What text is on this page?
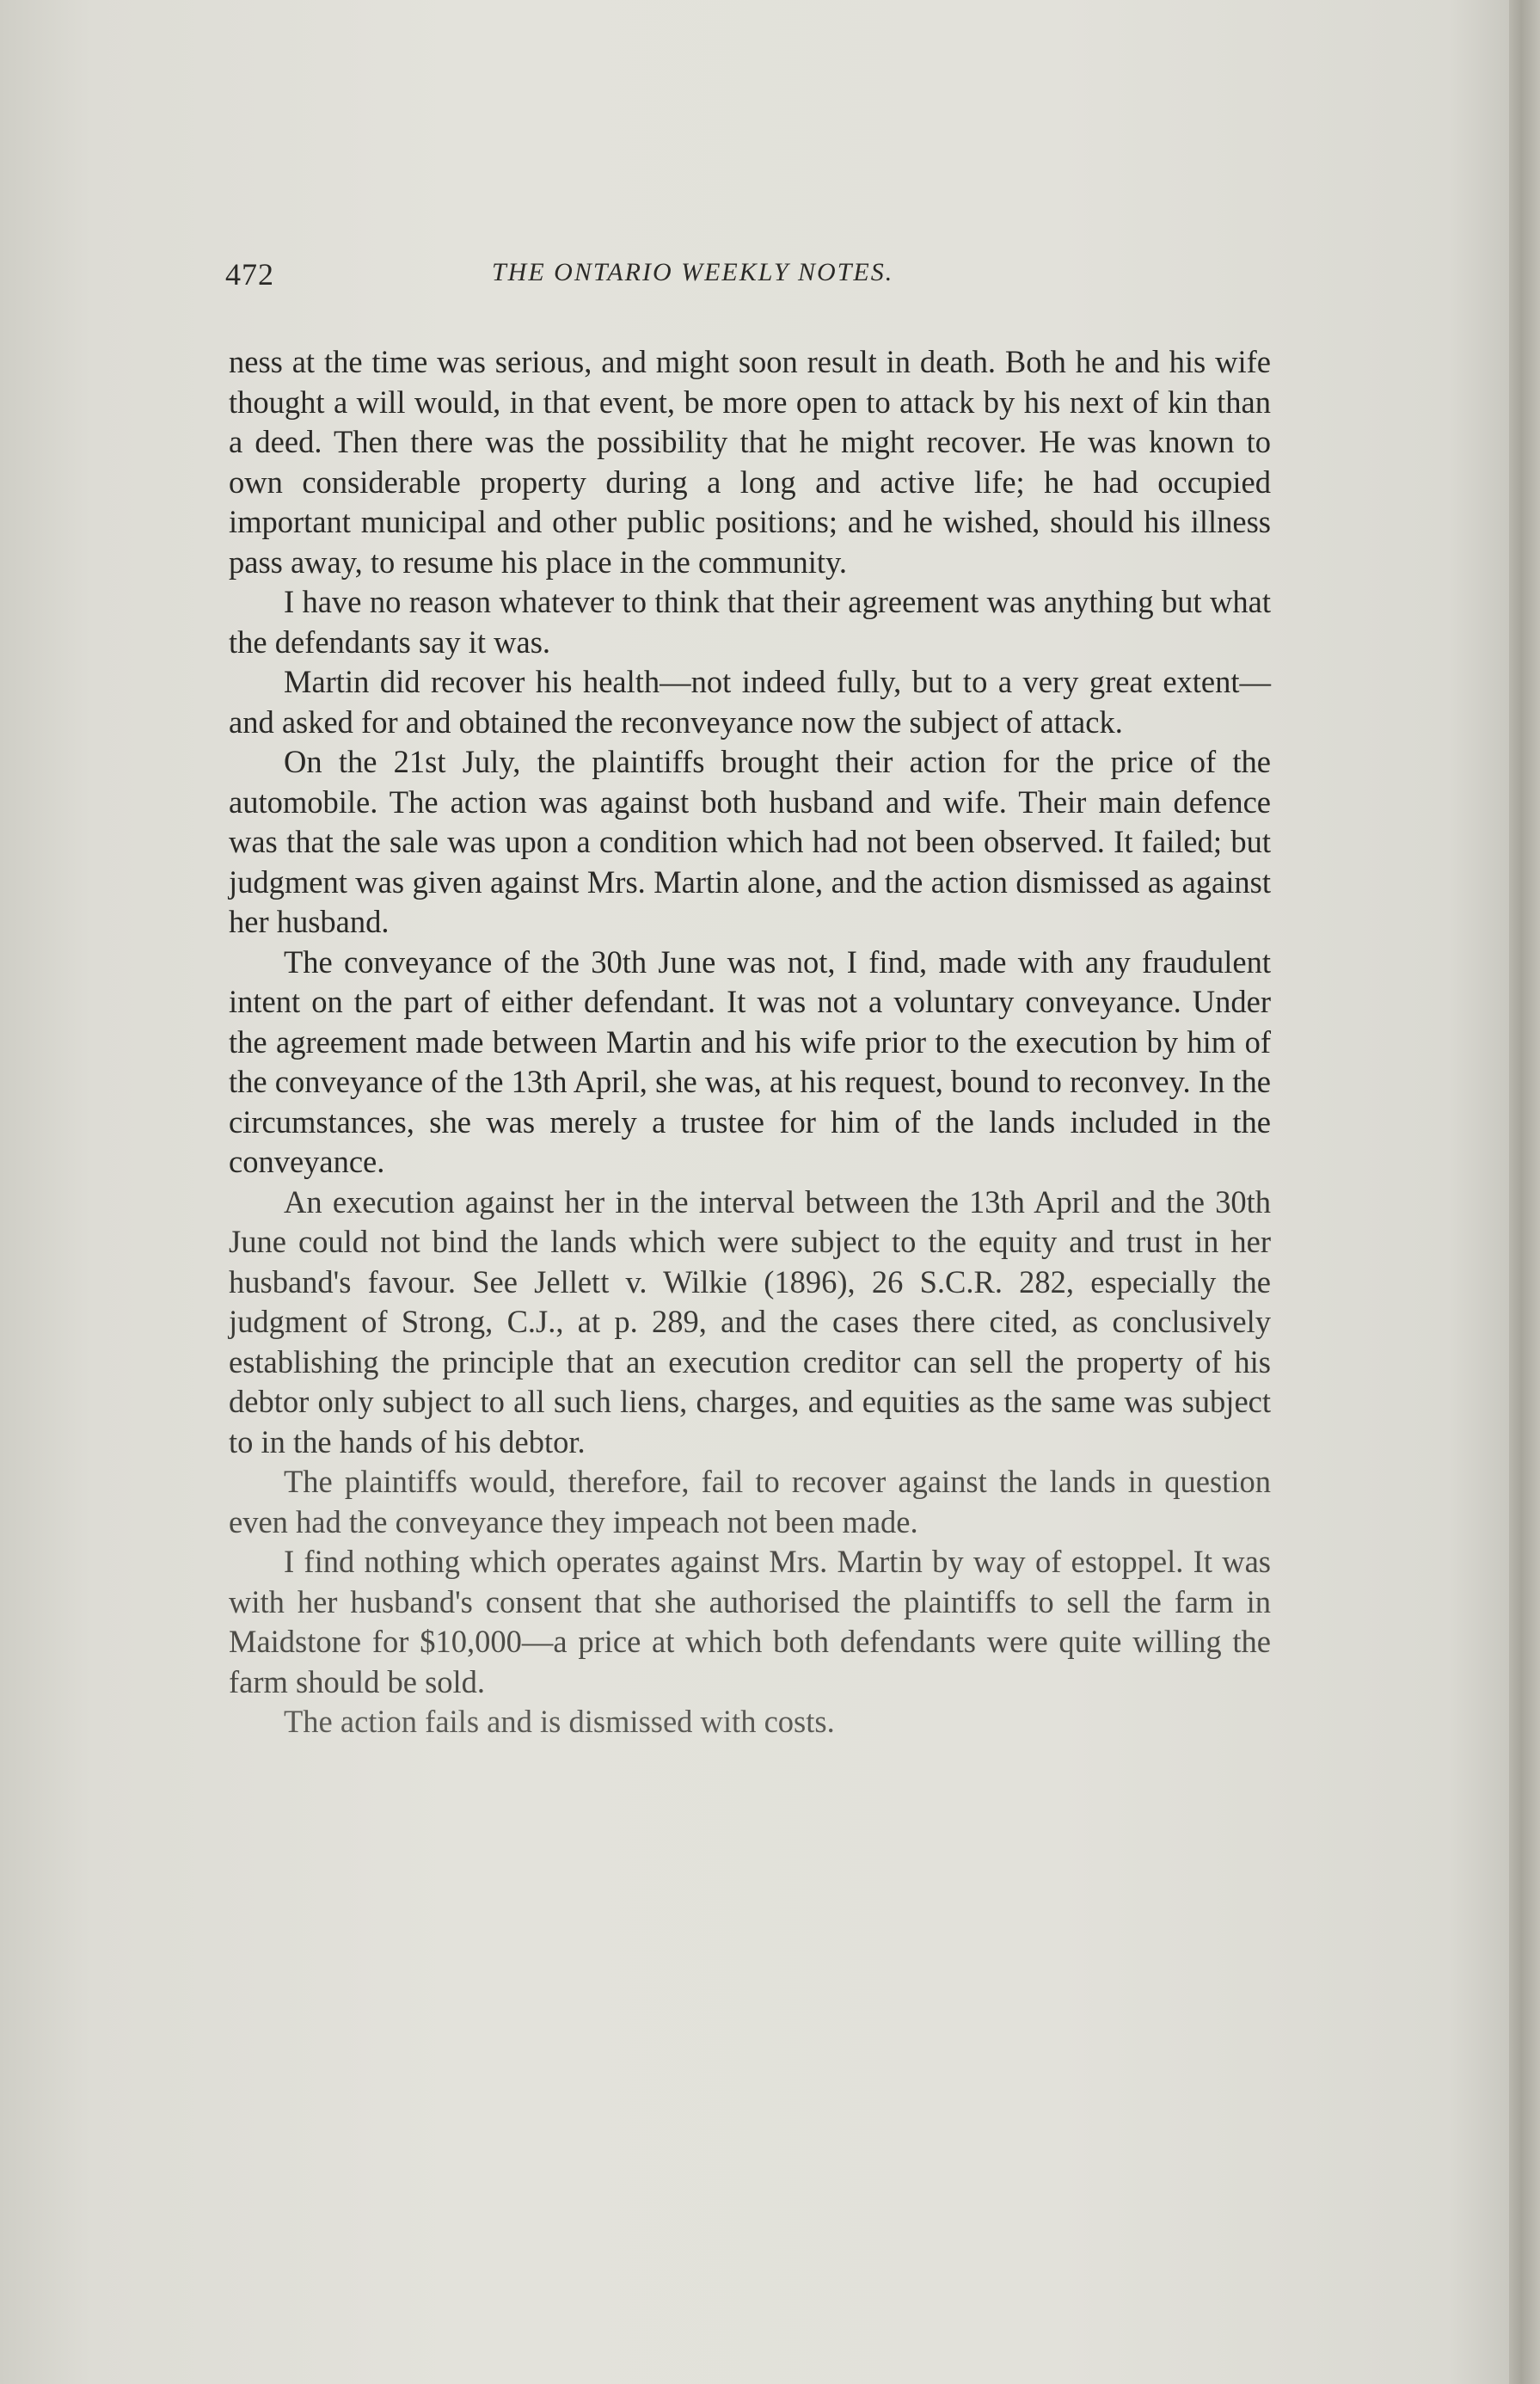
472	THE ONTARIO WEEKLY NOTES.

ness at the time was serious, and might soon result in death. Both he and his wife thought a will would, in that event, be more open to attack by his next of kin than a deed. Then there was the possibility that he might recover. He was known to own considerable property during a long and active life; he had occupied important municipal and other public positions; and he wished, should his illness pass away, to resume his place in the community.

I have no reason whatever to think that their agreement was anything but what the defendants say it was.

Martin did recover his health—not indeed fully, but to a very great extent—and asked for and obtained the reconveyance now the subject of attack.

On the 21st July, the plaintiffs brought their action for the price of the automobile. The action was against both husband and wife. Their main defence was that the sale was upon a condition which had not been observed. It failed; but judgment was given against Mrs. Martin alone, and the action dismissed as against her husband.

The conveyance of the 30th June was not, I find, made with any fraudulent intent on the part of either defendant. It was not a voluntary conveyance. Under the agreement made between Martin and his wife prior to the execution by him of the conveyance of the 13th April, she was, at his request, bound to reconvey. In the circumstances, she was merely a trustee for him of the lands included in the conveyance.

An execution against her in the interval between the 13th April and the 30th June could not bind the lands which were subject to the equity and trust in her husband's favour. See Jellett v. Wilkie (1896), 26 S.C.R. 282, especially the judgment of Strong, C.J., at p. 289, and the cases there cited, as conclusively establishing the principle that an execution creditor can sell the property of his debtor only subject to all such liens, charges, and equities as the same was subject to in the hands of his debtor.

The plaintiffs would, therefore, fail to recover against the lands in question even had the conveyance they impeach not been made.

I find nothing which operates against Mrs. Martin by way of estoppel. It was with her husband's consent that she authorised the plaintiffs to sell the farm in Maidstone for $10,000—a price at which both defendants were quite willing the farm should be sold.

The action fails and is dismissed with costs.
